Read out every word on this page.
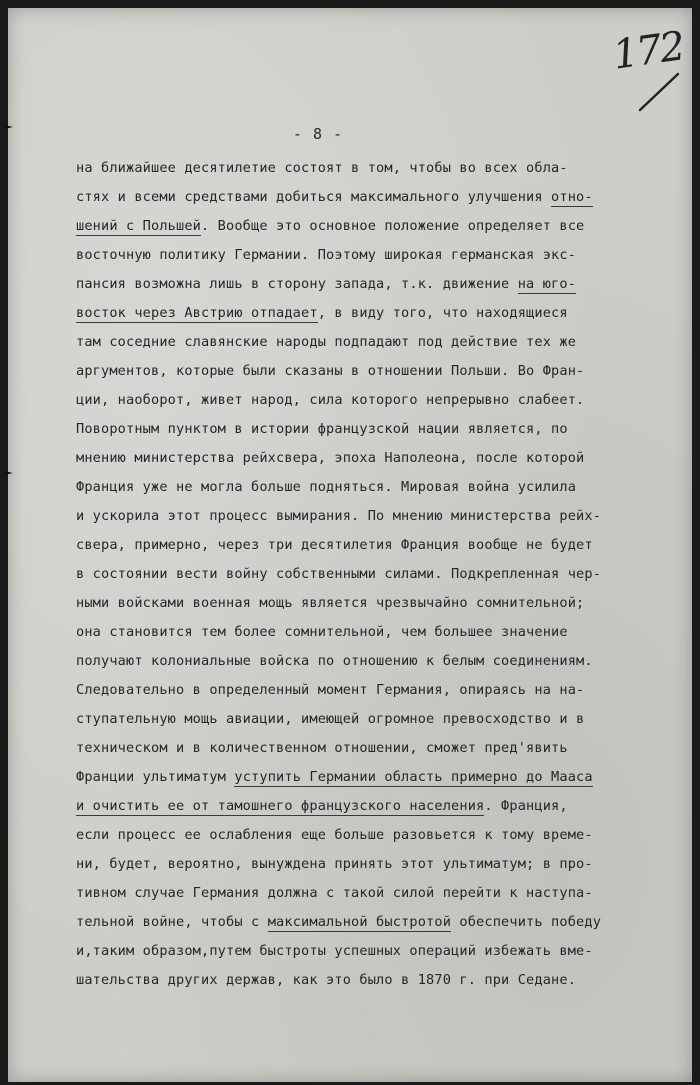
172
- 8 -
на ближайшее десятилетие состоят в том, чтобы во всех обла-
стях и всеми средствами добиться максимального улучшения отно-
шений с Польшей. Вообще это основное положение определяет все
восточную политику Германии. Поэтому широкая германская экс-
пансия возможна лишь в сторону запада, т.к. движение на юго-
восток через Австрию отпадает, в виду того, что находящиеся
там соседние славянские народы подпадают под действие тех же
аргументов, которые были сказаны в отношении Польши. Во Фран-
ции, наоборот, живет народ, сила которого непрерывно слабеет.
Поворотным пунктом в истории французской нации является, по
мнению министерства рейхсвера, эпоха Наполеона, после которой
Франция уже не могла больше подняться. Мировая война усилила
и ускорила этот процесс вымирания. По мнению министерства рейх-
свера, примерно, через три десятилетия Франция вообще не будет
в состоянии вести войну собственными силами. Подкрепленная чер-
ными войсками военная мощь является чрезвычайно сомнительной;
она становится тем более сомнительной, чем большее значение
получают колониальные войска по отношению к белым соединениям.
Следовательно в определенный момент Германия, опираясь на на-
ступательную мощь авиации, имеющей огромное превосходство и в
техническом и в количественном отношении, сможет пред'явить
Франции ультиматум уступить Германии область примерно до Мааса
и очистить ее от тамошнего французского населения. Франция,
если процесс ее ослабления еще больше разовьется к тому време-
ни, будет, вероятно, вынуждена принять этот ультиматум; в про-
тивном случае Германия должна с такой силой перейти к наступа-
тельной войне, чтобы с максимальной быстротой обеспечить победу
и,таким образом,путем быстроты успешных операций избежать вме-
шательства других держав, как это было в 1870 г. при Седане.
